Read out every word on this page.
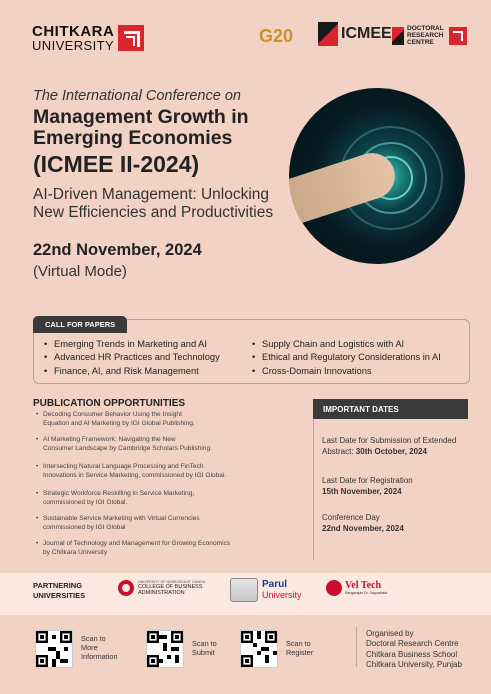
CHITKARA
UNIVERSITY	G20	ICMEE DOCTORAL
RESEARCH
CENTRE
The International Conference on
Management Growth in
Emerging Economies
(ICMEE II-2024)
AI-Driven Management: Unlocking
New Efficiencies and Productivities
22nd November, 2024
(Virtual Mode)
CALL FOR PAPERS
• Emerging Trends in Marketing and AI
• Advanced HR Practices and Technology
• Finance, AI, and Risk Management
• Supply Chain and Logistics with AI
• Ethical and Regulatory Considerations in AI
• Cross-Domain Innovations
PUBLICATION OPPORTUNITIES
• Decoding Consumer Behavior Using the Insight
Equation and AI Marketing by IGI Global Publishing.
• AI Marketing Framework: Navigating the New
Consumer Landscape by Cambridge Scholars Publishing.
• Intersecting Natural Language Processing and FinTech
Innovations in Service Marketing, commissioned by IGI Global.
• Strategic Workforce Reskilling in Service Marketing,
commissioned by IGI Global.
• Sustainable Service Marketing with Virtual Currencies
commissioned by IGI Global
• Journal of Technology and Management for Growing Economics
by Chitkara University
IMPORTANT DATES
Last Date for Submission of Extended
Abstract: 30th October, 2024
Last Date for Registration
15th November, 2024
Conference Day
22nd November, 2024
PARTNERING
UNIVERSITIES
UNIVERSITY OF NEBRASKA AT OMAHA
COLLEGE OF BUSINESS
ADMINISTRATION
Parul
University
Vel Tech
Rangarajan Dr. Sagunthala
Scan to
More
Information
Scan to
Submit
Scan to
Register
Organised by
Doctoral Research Centre
Chitkara Business School
Chitkara University, Punjab
